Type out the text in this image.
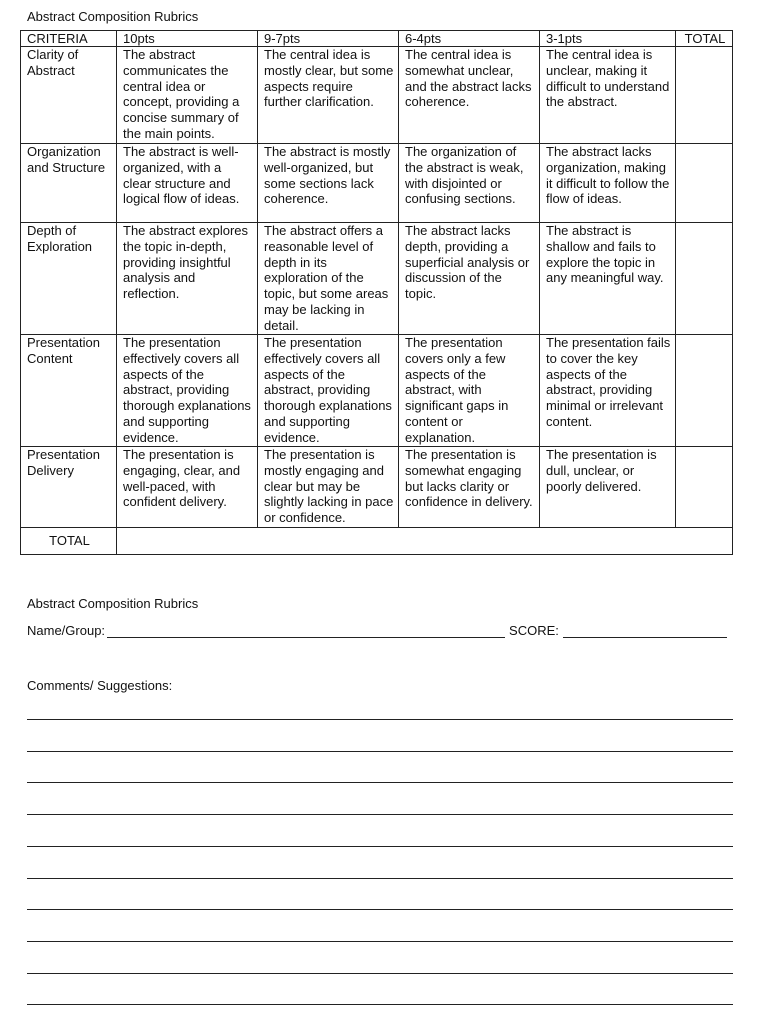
Abstract Composition Rubrics
CRITERIA	10pts	9-7pts	6-4pts	3-1pts	TOTAL
Clarity of Abstract	The abstract communicates the central idea or concept, providing a concise summary of the main points.	The central idea is mostly clear, but some aspects require further clarification.	The central idea is somewhat unclear, and the abstract lacks coherence.	The central idea is unclear, making it difficult to understand the abstract.	
Organization and Structure	The abstract is well-organized, with a clear structure and logical flow of ideas.	The abstract is mostly well-organized, but some sections lack coherence.	The organization of the abstract is weak, with disjointed or confusing sections.	The abstract lacks organization, making it difficult to follow the flow of ideas.	
Depth of Exploration	The abstract explores the topic in-depth, providing insightful analysis and reflection.	The abstract offers a reasonable level of depth in its exploration of the topic, but some areas may be lacking in detail.	The abstract lacks depth, providing a superficial analysis or discussion of the topic.	The abstract is shallow and fails to explore the topic in any meaningful way.	
Presentation Content	The presentation effectively covers all aspects of the abstract, providing thorough explanations and supporting evidence.	The presentation effectively covers all aspects of the abstract, providing thorough explanations and supporting evidence.	The presentation covers only a few aspects of the abstract, with significant gaps in content or explanation.	The presentation fails to cover the key aspects of the abstract, providing minimal or irrelevant content.	
Presentation Delivery	The presentation is engaging, clear, and well-paced, with confident delivery.	The presentation is mostly engaging and clear but may be slightly lacking in pace or confidence.	The presentation is somewhat engaging but lacks clarity or confidence in delivery.	The presentation is dull, unclear, or poorly delivered.	
TOTAL					
Abstract Composition Rubrics
Name/Group:	SCORE:
Comments/ Suggestions:
